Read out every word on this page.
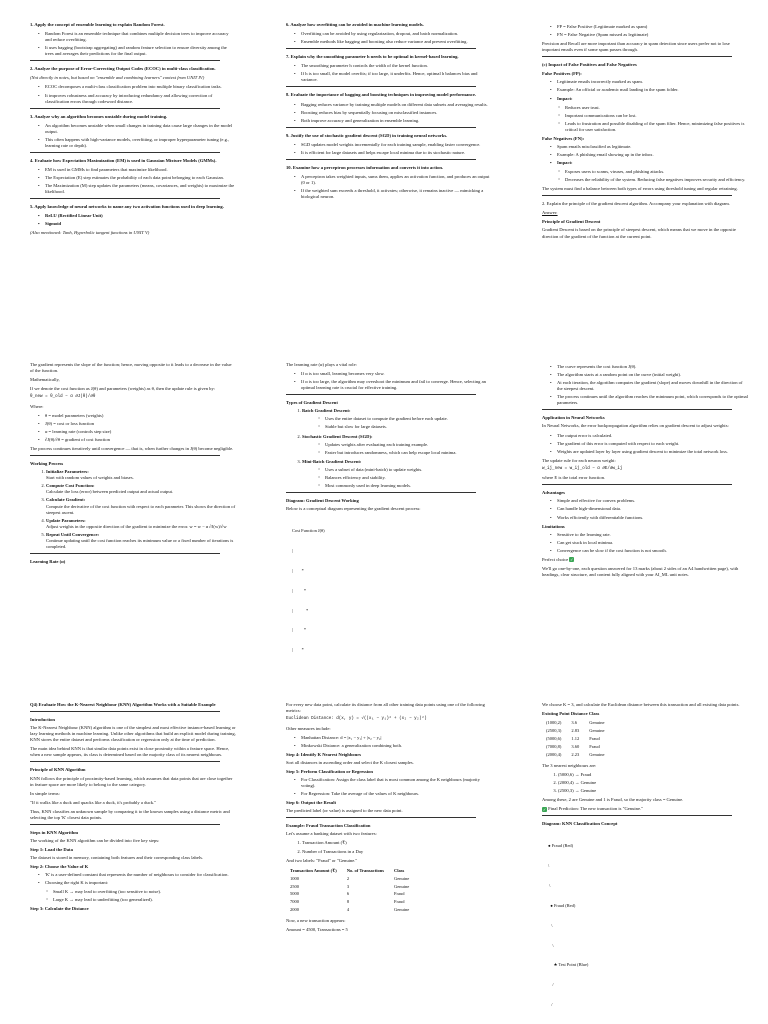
1. Apply the concept of ensemble learning to explain Random Forest.
• Random Forest is an ensemble technique that combines multiple decision trees to improve accuracy and reduce overfitting.
• It uses bagging (bootstrap aggregating) and random feature selection to ensure diversity among the trees and averages their predictions for the final output.
2. Analyze the purpose of Error-Correcting Output Codes (ECOC) in multi-class classification.
(Not directly in notes, but based on "ensemble and combining learners" context from UNIT IV)
• ECOC decomposes a multi-class classification problem into multiple binary classification tasks.
• It improves robustness and accuracy by introducing redundancy and allowing correction of classification errors through codeword distance.
3. Analyze why an algorithm becomes unstable during model training.
• An algorithm becomes unstable when small changes in training data cause large changes in the model output.
• This often happens with high-variance models, overfitting, or improper hyperparameter tuning (e.g., learning rate or depth).
4. Evaluate how Expectation Maximization (EM) is used in Gaussian Mixture Models (GMMs).
• EM is used in GMMs to find parameters that maximize likelihood.
• The Expectation (E) step estimates the probability of each data point belonging to each Gaussian.
• The Maximization (M) step updates the parameters (means, covariances, and weights) to maximize the likelihood.
5. Apply knowledge of neural networks to name any two activation functions used in deep learning.
• ReLU (Rectified Linear Unit)
• Sigmoid
(Also mentioned: Tanh, Hyperbolic tangent functions in UNIT V)
6. Analyze how overfitting can be avoided in machine learning models.
• Overfitting can be avoided by using regularization, dropout, and batch normalization.
• Ensemble methods like bagging and boosting also reduce variance and prevent overfitting.
7. Explain why the smoothing parameter h needs to be optimal in kernel-based learning.
• The smoothing parameter h controls the width of the kernel function.
• If h is too small, the model overfits; if too large, it underfits. Hence, optimal h balances bias and variance.
8. Evaluate the importance of bagging and boosting techniques in improving model performance.
• Bagging reduces variance by training multiple models on different data subsets and averaging results.
• Boosting reduces bias by sequentially focusing on misclassified instances.
• Both improve accuracy and generalization in ensemble learning.
9. Justify the use of stochastic gradient descent (SGD) in training neural networks.
• SGD updates model weights incrementally for each training sample, enabling faster convergence.
• It is efficient for large datasets and helps escape local minima due to its stochastic nature.
10. Examine how a perceptron processes information and converts it into action.
• A perceptron takes weighted inputs, sums them, applies an activation function, and produces an output (0 or 1).
• If the weighted sum exceeds a threshold, it activates; otherwise, it remains inactive — mimicking a biological neuron.
• FP = False Positive (Legitimate marked as spam)
• FN = False Negative (Spam missed as legitimate)
Precision and Recall are more important than accuracy in spam detection since users prefer not to lose important emails even if some spam passes through.
(c) Impact of False Positives and False Negatives
False Positives (FP):
• Legitimate emails incorrectly marked as spam.
• Example: An official or academic mail landing in the spam folder.
• Impact:
○ Reduces user trust.
○ Important communications can be lost.
○ Leads to frustration and possible disabling of the spam filter. Hence, minimizing false positives is critical for user satisfaction.
False Negatives (FN):
• Spam emails misclassified as legitimate.
• Example: A phishing email showing up in the inbox.
• Impact:
○ Exposes users to scams, viruses, and phishing attacks.
○ Decreases the reliability of the system. Reducing false negatives improves security and efficiency.
The system must find a balance between both types of errors using threshold tuning and regular retraining.
2. Explain the principle of the gradient descent algorithm. Accompany your explanation with diagram.
Answer:
Principle of Gradient Descent
Gradient Descent is based on the principle of steepest descent, which means that we move in the opposite direction of the gradient of the function at the current point.
The gradient represents the slope of the function; hence, moving opposite to it leads to a decrease in the value of the function.
Mathematically,
If we denote the cost function as J(θ) and parameters (weights) as θ, then the update rule is given by:
θ_new = θ_old − α ∂J(θ)/∂θ
Where:
• θ = model parameters (weights)
• J(θ) = cost or loss function
• α = learning rate (controls step size)
• ∂J(θ)/∂θ = gradient of cost function
The process continues iteratively until convergence — that is, when further changes in J(θ) become negligible.
Working Process
1. Initialize Parameters:
Start with random values of weights and biases.
2. Compute Cost Function:
Calculate the loss (error) between predicted output and actual output.
3. Calculate Gradient:
Compute the derivative of the cost function with respect to each parameter. This shows the direction of steepest ascent.
4. Update Parameters:
Adjust weights in the opposite direction of the gradient to minimize the error. w = w − α ∂J(w)/∂w
5. Repeat Until Convergence:
Continue updating until the cost function reaches its minimum value or a fixed number of iterations is completed.
Learning Rate (α)
The learning rate (α) plays a vital role:
• If α is too small, learning becomes very slow.
• If α is too large, the algorithm may overshoot the minimum and fail to converge. Hence, selecting an optimal learning rate is crucial for effective training.
Types of Gradient Descent
1. Batch Gradient Descent:
○ Uses the entire dataset to compute the gradient before each update.
○ Stable but slow for large datasets.
2. Stochastic Gradient Descent (SGD):
○ Updates weights after evaluating each training example.
○ Faster but introduces randomness, which can help escape local minima.
3. Mini-Batch Gradient Descent:
○ Uses a subset of data (mini-batch) to update weights.
○ Balances efficiency and stability.
○ Most commonly used in deep learning models.
Diagram: Gradient Descent Working
Below is a conceptual diagram representing the gradient descent process:

Cost Function J(θ)

|

|        *

|          *

|            *

|          *

|        *

• The curve represents the cost function J(θ).
• The algorithm starts at a random point on the curve (initial weight).
• At each iteration, the algorithm computes the gradient (slope) and moves downhill in the direction of the steepest descent.
• The process continues until the algorithm reaches the minimum point, which corresponds to the optimal parameters.
Application in Neural Networks
In Neural Networks, the error backpropagation algorithm relies on gradient descent to adjust weights:
• The output error is calculated.
• The gradient of this error is computed with respect to each weight.
• Weights are updated layer by layer using gradient descent to minimize the total network loss.
The update rule for each neuron weight:
w_ij_new = w_ij_old − α ∂E/∂w_ij
where E is the total error function.
Advantages
• Simple and effective for convex problems.
• Can handle high-dimensional data.
• Works efficiently with differentiable functions.
Limitations
• Sensitive to the learning rate.
• Can get stuck in local minima.
• Convergence can be slow if the cost function is not smooth.
Perfect choice ✓
We'll go one-by-one, each question answered for 13 marks (about 2 sides of an A4 handwritten page), with headings, clear structure, and content fully aligned with your AI_ML unit notes.
Q4) Evaluate How the K-Nearest Neighbour (KNN) Algorithm Works with a Suitable Example
Introduction
The K-Nearest Neighbour (KNN) algorithm is one of the simplest and most effective instance-based learning or lazy learning methods in machine learning. Unlike other algorithms that build an explicit model during training, KNN stores the entire dataset and performs classification or regression only at the time of prediction.
The main idea behind KNN is that similar data points exist in close proximity within a feature space. Hence, when a new sample appears, its class is determined based on the majority class of its nearest neighbours.
Principle of KNN Algorithm
KNN follows the principle of proximity-based learning, which assumes that data points that are close together in feature space are more likely to belong to the same category.
In simple terms:
"If it walks like a duck and quacks like a duck, it's probably a duck."
Thus, KNN classifies an unknown sample by comparing it to the known samples using a distance metric and selecting the top 'K' closest data points.
Steps in KNN Algorithm
The working of the KNN algorithm can be divided into five key steps:
Step 1: Load the Data
The dataset is stored in memory, containing both features and their corresponding class labels.
Step 2: Choose the Value of K
• 'K' is a user-defined constant that represents the number of neighbours to consider for classification.
• Choosing the right K is important:
○ Small K → may lead to overfitting (too sensitive to noise).
○ Large K → may lead to underfitting (too generalized).
Step 3: Calculate the Distance
For every new data point, calculate its distance from all other training data points using one of the following metrics:
Euclidean Distance: d(x, y) = √((x₁ − y₁)² + (x₂ − y₂)²)
Other measures include:
• Manhattan Distance: d = |x₁ − y₁| + |x₂ − y₂|
• Minkowski Distance: a generalization combining both.
Step 4: Identify K Nearest Neighbours
Sort all distances in ascending order and select the K closest samples.
Step 5: Perform Classification or Regression
• For Classification: Assign the class label that is most common among the K neighbours (majority voting).
• For Regression: Take the average of the values of K neighbours.
Step 6: Output the Result
The predicted label (or value) is assigned to the new data point.
Example: Fraud Transaction Classification
Let's assume a banking dataset with two features:
1. Transaction Amount (₹)
2. Number of Transactions in a Day
And two labels: "Fraud" or "Genuine."
Transaction Amount (₹)	No. of Transactions	Class
1000	2	Genuine
2500	3	Genuine
5000	6	Fraud
7000	8	Fraud
2000	4	Genuine
Now, a new transaction appears:
Amount = 4500, Transactions = 5
We choose K = 3, and calculate the Euclidean distance between this transaction and all existing data points.
Existing Point Distance Class
(1000,2)	3.6	Genuine
(2500,3)	2.83	Genuine
(5000,6)	1.12	Fraud
(7000,8)	3.60	Fraud
(2000,4)	2.23	Genuine
The 3 nearest neighbours are:
1. (5000,6) → Fraud
2. (2000,4) → Genuine
3. (2500,3) → Genuine
Among these, 2 are Genuine and 1 is Fraud, so the majority class = Genuine.
✓ Final Prediction: The new transaction is "Genuine."
Diagram: KNN Classification Concept

● Fraud (Red)

\

\

● Fraud (Red)

\

\

★ Test Point (Blue)

/

/
